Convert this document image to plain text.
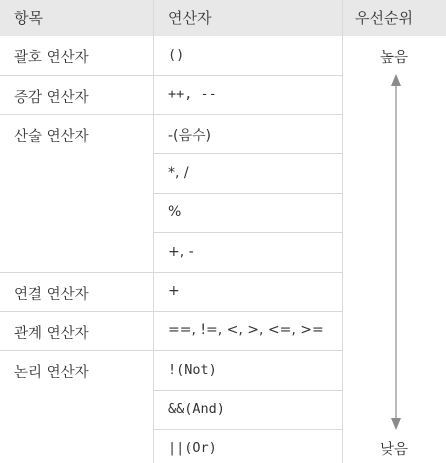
항목	연산자	우선순위
괄호 연산자
증감 연산자
산술 연산자
연결 연산자
관계 연산자
논리 연산자
()
++, --
-(음수)
*, /
%
+, -
+
==, !=, <, >, <=, >=
!(Not)
&&(And)
||(Or)
높음
낮음
